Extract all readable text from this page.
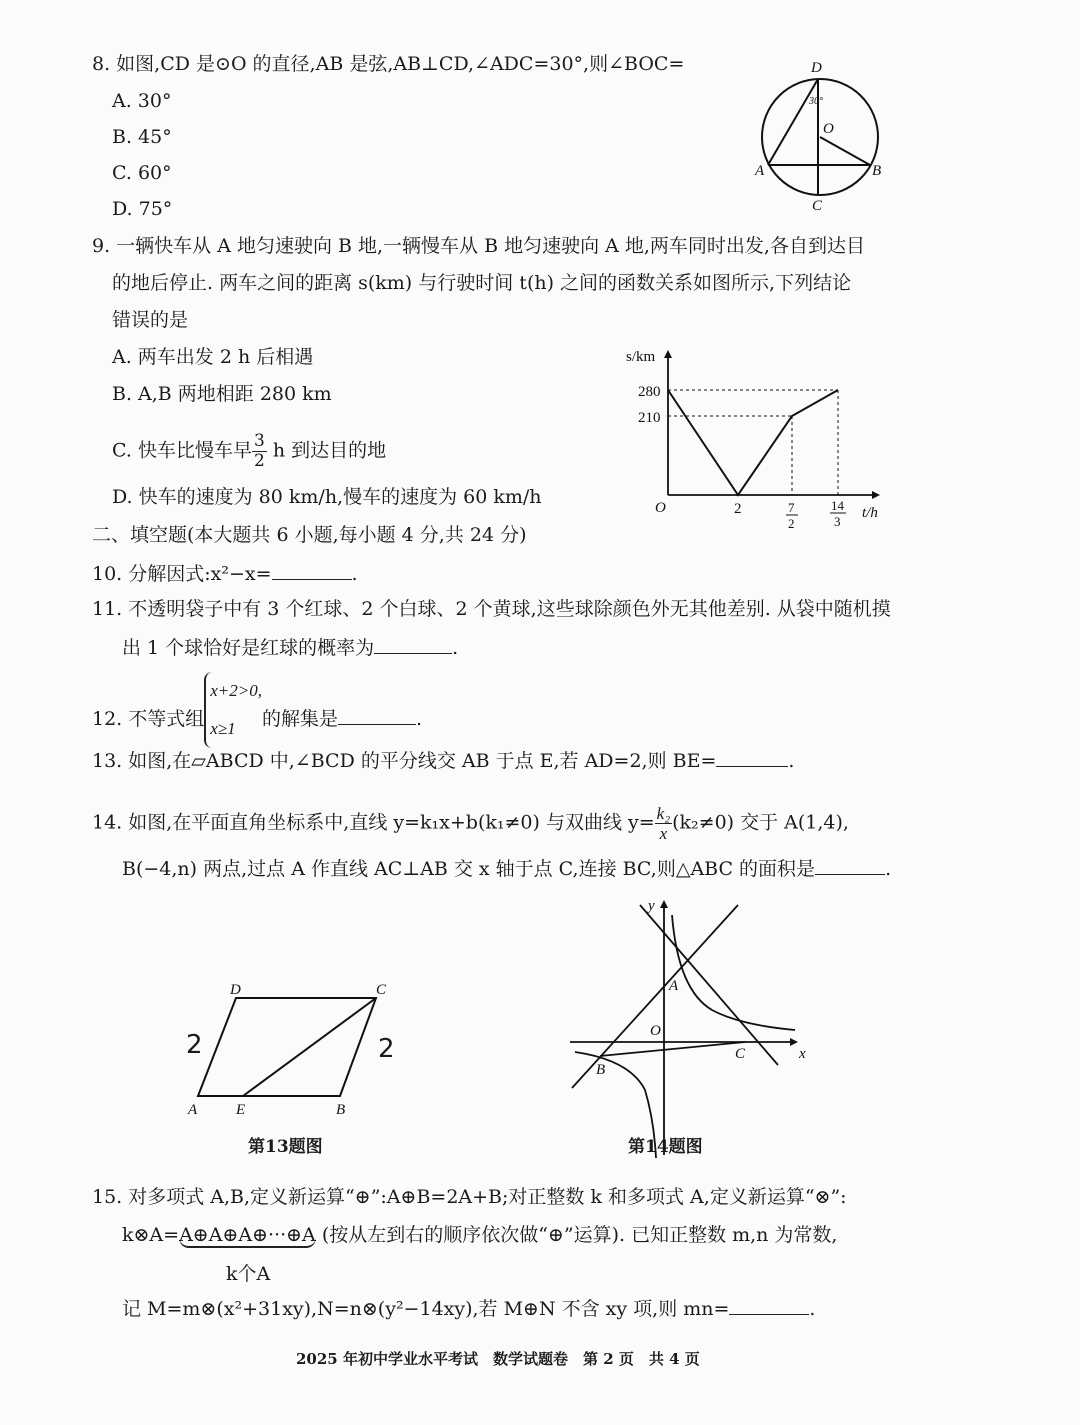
8. 如图,CD 是⊙O 的直径,AB 是弦,AB⊥CD,∠ADC=30°,则∠BOC=
A. 30°
B. 45°
C. 60°
D. 75°
D
O
A	B
C
30°
9. 一辆快车从 A 地匀速驶向 B 地,一辆慢车从 B 地匀速驶向 A 地,两车同时出发,各自到达目
的地后停止. 两车之间的距离 s(km) 与行驶时间 t(h) 之间的函数关系如图所示,下列结论
错误的是
A. 两车出发 2 h 后相遇
B. A,B 两地相距 280 km
C. 快车比慢车早 $\frac{3}{2}$ h 到达目的地
D. 快车的速度为 80 km/h,慢车的速度为 60 km/h
s/km
280
210
O	2	7
2
14
3
t/h
二、填空题(本大题共 6 小题,每小题 4 分,共 24 分)
10. 分解因式:x²−x=	.
11. 不透明袋子中有 3 个红球、2 个白球、2 个黄球,这些球除颜色外无其他差别. 从袋中随机摸
出 1 个球恰好是红球的概率为	.
12. 不等式组
x+2>0,
x≥1	的解集是	.
13. 如图,在▱ABCD 中,∠BCD 的平分线交 AB 于点 E,若 AD=2,则 BE=	.
14. 如图,在平面直角坐标系中,直线 y=k₁x+b(k₁≠0) 与双曲线 $y= \frac{\text{k₂}}{x} (k_2\ne 0)$ 交于 A(1,4),
B(−4,n) 两点,过点 A 作直线 AC⊥AB 交 x 轴于点 C,连接 BC,则△ABC 的面积是	.
D	C
A	E	B
2	2
第13题图
y
x
O
A
B
C
第14题图
15. 对多项式 A,B,定义新运算“⊕”:A⊕B=2A+B;对正整数 k 和多项式 A,定义新运算“⊗”:
k⊗A=A⊕A⊕A⊕···⊕A (按从左到右的顺序依次做“⊕”运算). 已知正整数 m,n 为常数,
k个A
记 M=m⊗(x²+31xy),N=n⊗(y²−14xy),若 M⊕N 不含 xy 项,则 mn=	.
2025 年初中学业水平考试　数学试题卷　第 2 页　共 4 页
